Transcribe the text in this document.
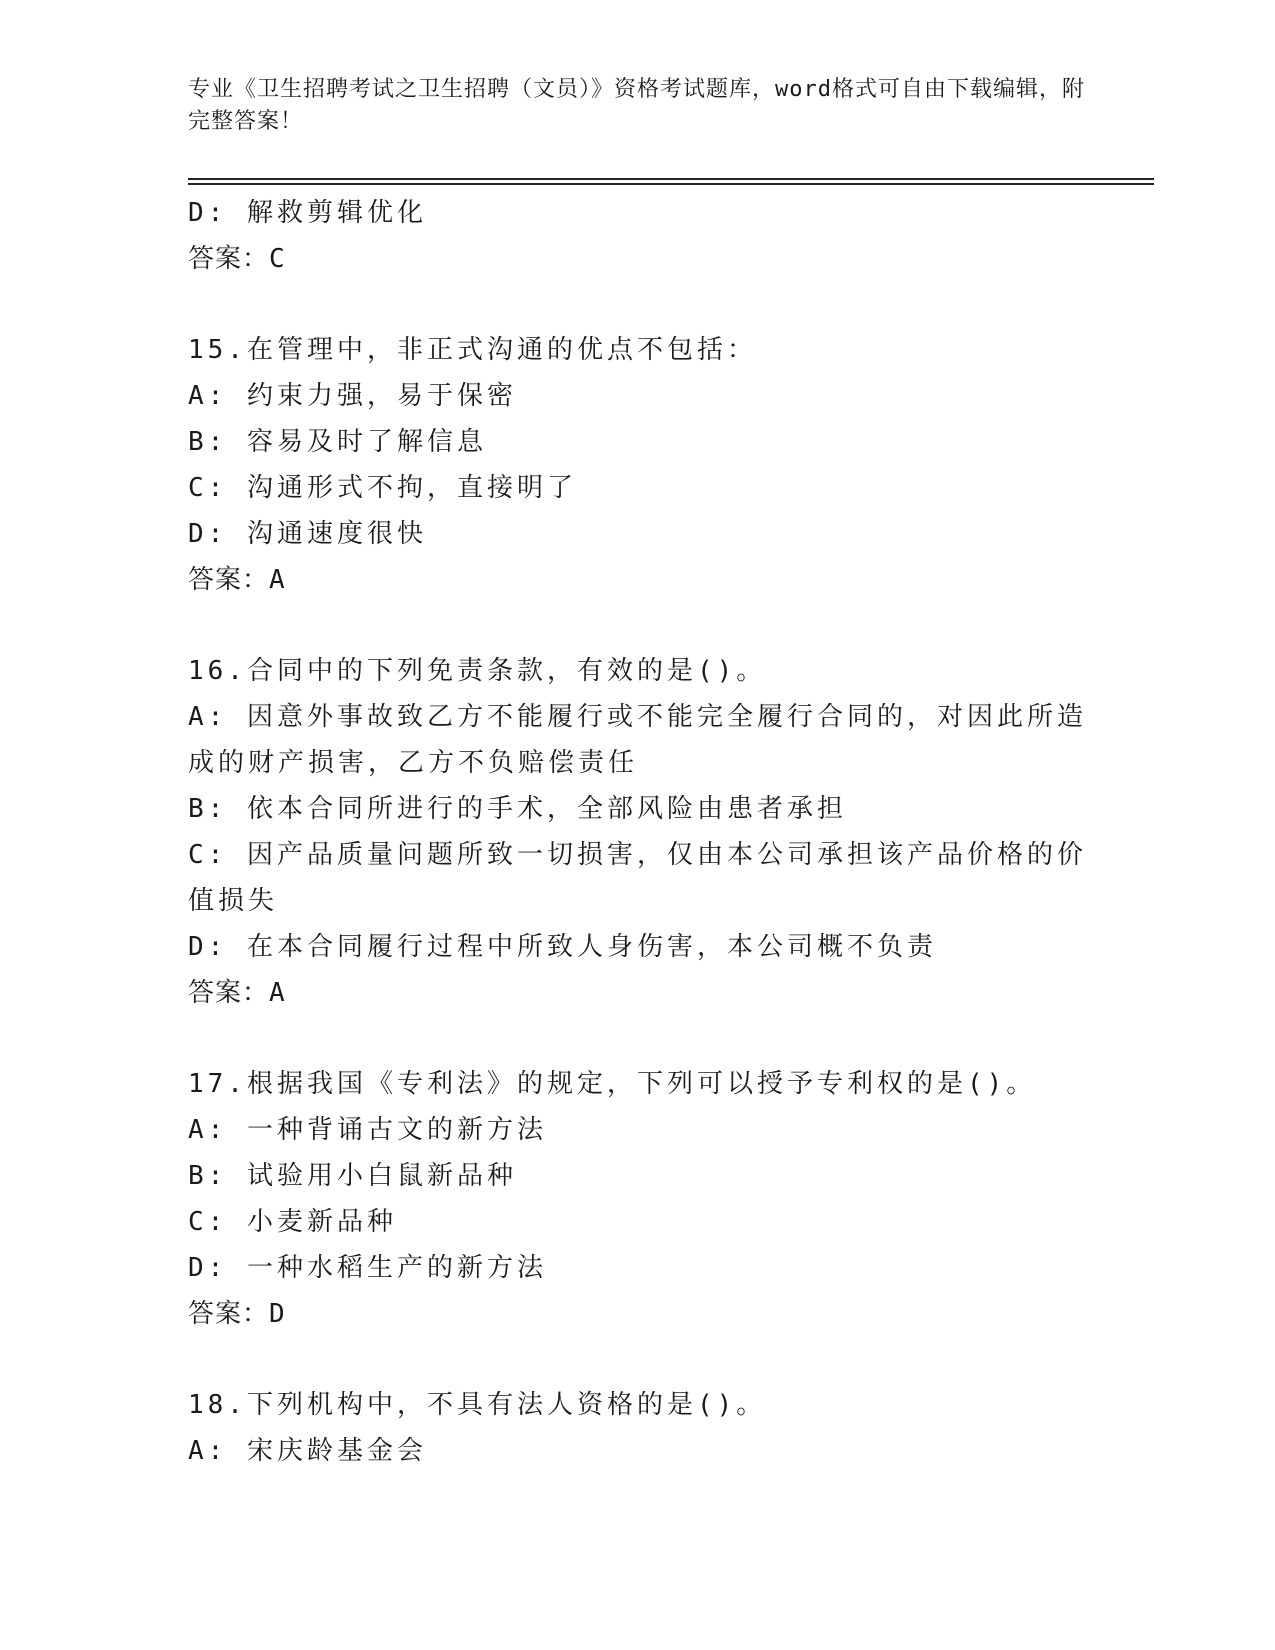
专业《卫生招聘考试之卫生招聘（文员）》资格考试题库，word格式可自由下载编辑，附完整答案！
D: 解救剪辑优化
答案：C
15.在管理中，非正式沟通的优点不包括：
A: 约束力强，易于保密
B: 容易及时了解信息
C: 沟通形式不拘，直接明了
D: 沟通速度很快
答案：A
16.合同中的下列免责条款，有效的是()。
A: 因意外事故致乙方不能履行或不能完全履行合同的，对因此所造成的财产损害，乙方不负赔偿责任
B: 依本合同所进行的手术，全部风险由患者承担
C: 因产品质量问题所致一切损害，仅由本公司承担该产品价格的价值损失
D: 在本合同履行过程中所致人身伤害，本公司概不负责
答案：A
17.根据我国《专利法》的规定，下列可以授予专利权的是()。
A: 一种背诵古文的新方法
B: 试验用小白鼠新品种
C: 小麦新品种
D: 一种水稻生产的新方法
答案：D
18.下列机构中，不具有法人资格的是()。
A: 宋庆龄基金会
